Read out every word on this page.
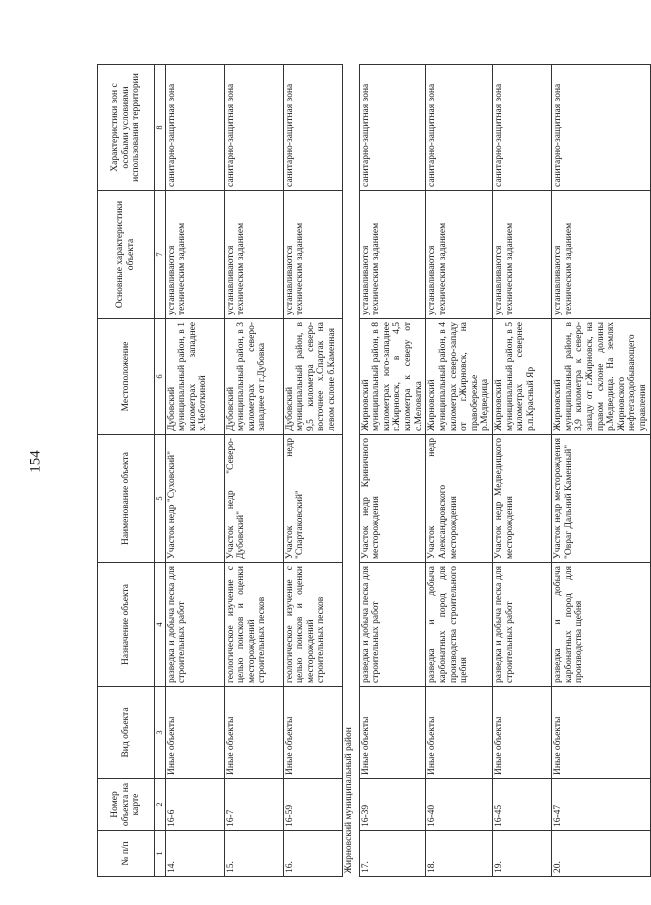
154
№ п/п	Номер объекта на карте	Вид объекта	Назначение объекта	Наименование объекта	Местоположение	Основные характеристики объекта	Характеристики зон с особыми условиями использования территории
1	2	3	4	5	6	7	8
14.	16-6	Иные объекты	разведка и добыча песка для строительных работ	Участок недр "Суховский"	Дубовский муниципальный район, в 1 километрах западнее х.Чеботкиной	устанавливаются техническим заданием	санитарно-защитная зона
15.	16-7	Иные объекты	геологическое изучение с целью поисков и оценки месторождений строительных песков	Участок недр "Северо-Дубовский"	Дубовский муниципальный район, в 3 километрах северо-западнее от г.Дубовка	устанавливаются техническим заданием	санитарно-защитная зона
16.	16-59	Иные объекты	геологическое изучение с целью поисков и оценки месторождений строительных песков	Участок недр "Спартаковский"	Дубовский муниципальный район, в 9,5 километра северо-восточнее х.Спартак на левом склоне б.Каменная	устанавливаются техническим заданием	санитарно-защитная зона
Жирновский муниципальный район							
17.	16-39	Иные объекты	разведка и добыча песка для строительных работ	Участок недр Криничного месторождения	Жирновский муниципальный район, в 8 километрах юго-западнее г.Жирновск, в 4,5 километра к северу от с.Меловатка	устанавливаются техническим заданием	санитарно-защитная зона
18.	16-40	Иные объекты	разведка и добыча карбонатных пород для производства строительного щебня	Участок недр Александровского месторождения	Жирновский муниципальный район, в 4 километрах северо-западу от г.Жирновск, на правобережье р.Медведица	устанавливаются техническим заданием	санитарно-защитная зона
19.	16-45	Иные объекты	разведка и добыча песка для строительных работ	Участок недр Медведицкого месторождения	Жирновский муниципальный район, в 5 километрах севернее р.п.Красный Яр	устанавливаются техническим заданием	санитарно-защитная зона
20.	16-47	Иные объекты	разведка и добыча карбонатных пород для производства щебня	Участок недр месторождения "Овраг Дальний Каменный"	Жирновский муниципальный район, в 3,9 километра к северо-западу от г.Жирновск, на правом склоне долины р.Медведица. На землях Жирновского нефтегазодобывающего управления	устанавливаются техническим заданием	санитарно-защитная зона
